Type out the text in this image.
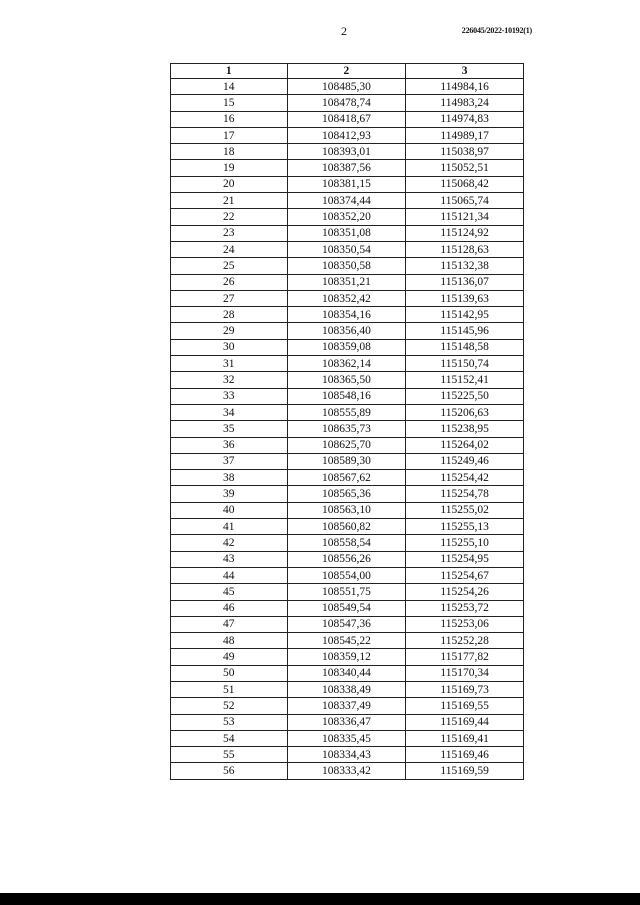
2	226045/2022-10192(1)
1	2	3
14	108485,30	114984,16
15	108478,74	114983,24
16	108418,67	114974,83
17	108412,93	114989,17
18	108393,01	115038,97
19	108387,56	115052,51
20	108381,15	115068,42
21	108374,44	115065,74
22	108352,20	115121,34
23	108351,08	115124,92
24	108350,54	115128,63
25	108350,58	115132,38
26	108351,21	115136,07
27	108352,42	115139,63
28	108354,16	115142,95
29	108356,40	115145,96
30	108359,08	115148,58
31	108362,14	115150,74
32	108365,50	115152,41
33	108548,16	115225,50
34	108555,89	115206,63
35	108635,73	115238,95
36	108625,70	115264,02
37	108589,30	115249,46
38	108567,62	115254,42
39	108565,36	115254,78
40	108563,10	115255,02
41	108560,82	115255,13
42	108558,54	115255,10
43	108556,26	115254,95
44	108554,00	115254,67
45	108551,75	115254,26
46	108549,54	115253,72
47	108547,36	115253,06
48	108545,22	115252,28
49	108359,12	115177,82
50	108340,44	115170,34
51	108338,49	115169,73
52	108337,49	115169,55
53	108336,47	115169,44
54	108335,45	115169,41
55	108334,43	115169,46
56	108333,42	115169,59
